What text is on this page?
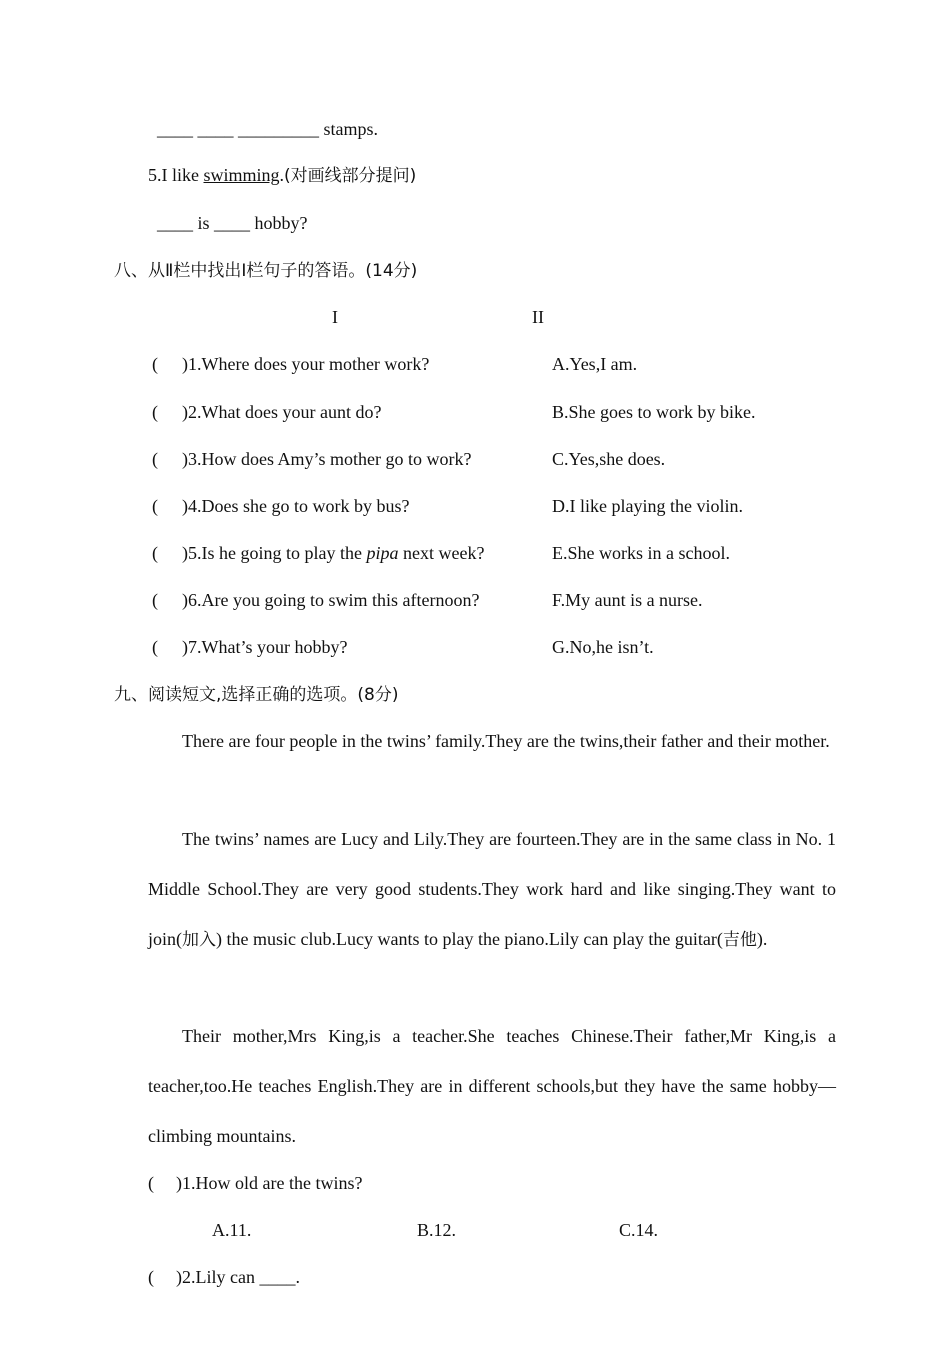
____ ____ _________ stamps.
5.I like swimming.(对画线部分提问)
____ is ____ hobby?
八、从Ⅱ栏中找出Ⅰ栏句子的答语。(14分)
I	II
( )1.Where does your mother work?	A.Yes,I am.
( )2.What does your aunt do?	B.She goes to work by bike.
( )3.How does Amy’s mother go to work?	C.Yes,she does.
( )4.Does she go to work by bus?	D.I like playing the violin.
( )5.Is he going to play the pipa next week?	E.She works in a school.
( )6.Are you going to swim this afternoon?	F.My aunt is a nurse.
( )7.What’s your hobby?	G.No,he isn’t.
九、阅读短文,选择正确的选项。(8分)
There are four people in the twins’ family.They are the twins,their father and their mother.
The twins’ names are Lucy and Lily.They are fourteen.They are in the same class in No. 1 Middle School.They are very good students.They work hard and like singing.They want to join(加入) the music club.Lucy wants to play the piano.Lily can play the guitar(吉他).
Their mother,Mrs King,is a teacher.She teaches Chinese.Their father,Mr King,is a teacher,too.He teaches English.They are in different schools,but they have the same hobby—climbing mountains.
( )1.How old are the twins?
A.11.	B.12.	C.14.
( )2.Lily can ____.
